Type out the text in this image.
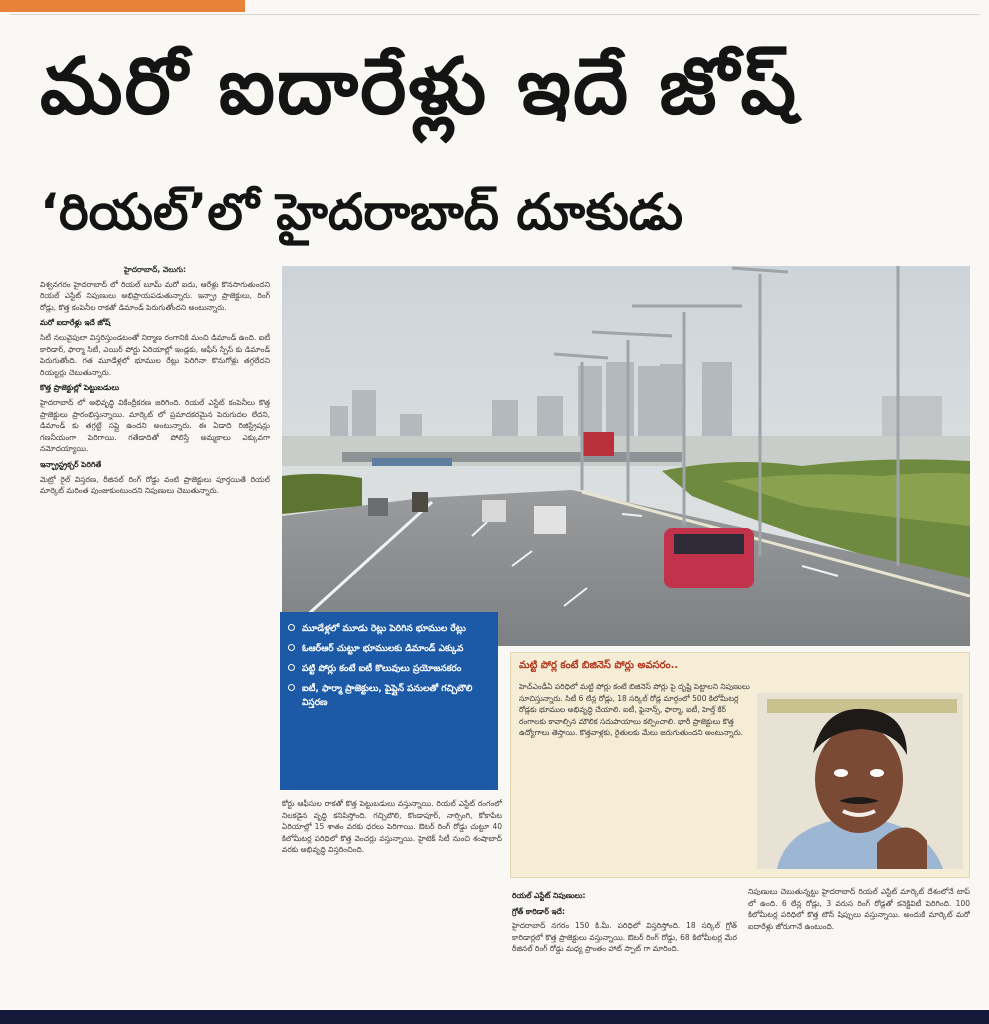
మరో ఐదారేళ్లు ఇదే జోష్
‘రియల్’లో హైదరాబాద్ దూకుడు

హైదరాబాద్, వెలుగు:

విశ్వనగరం హైదరాబాద్ లో రియల్ బూమ్ మరో ఐదు, ఆరేళ్లు కొనసాగుతుందని రియల్ ఎస్టేట్ నిపుణులు అభిప్రాయపడుతున్నారు. ఇన్ఫ్రా ప్రాజెక్టులు, రింగ్ రోడ్లు, కొత్త కంపెనీల రాకతో డిమాండ్ పెరుగుతోందని అంటున్నారు.

మరో ఐదారేళ్లు ఇదే జోష్

సిటీ నలువైపులా విస్తరిస్తుండటంతో నిర్మాణ రంగానికి మంచి డిమాండ్ ఉంది. ఐటీ కారిడార్, ఫార్మా సిటీ, ఎయిర్ పోర్టు ఏరియాల్లో ఇండ్లకు, ఆఫీస్ స్పేస్ కు డిమాండ్ పెరుగుతోంది. గత మూడేళ్లలో భూముల రేట్లు పెరిగినా కొనుగోళ్లు తగ్గలేదని రియల్టర్లు చెబుతున్నారు.

కొత్త ప్రాజెక్టుల్లో పెట్టుబడులు

హైదరాబాద్ లో అభివృద్ధి వికేంద్రీకరణ జరిగింది. రియల్ ఎస్టేట్ కంపెనీలు కొత్త ప్రాజెక్టులు ప్రారంభిస్తున్నాయి. మార్కెట్ లో ప్రమాదకరమైన పెరుగుదల లేదని, డిమాండ్ కు తగ్గట్టే సప్లై ఉందని అంటున్నారు. ఈ ఏడాది రిజిస్ట్రేషన్లు గణనీయంగా పెరిగాయి. గతేడాదితో పోలిస్తే అమ్మకాలు ఎక్కువగా నమోదయ్యాయి.

ఇన్ఫ్రాస్ట్రక్చర్ పెరిగితే

మెట్రో రైల్ విస్తరణ, రీజినల్ రింగ్ రోడ్డు వంటి ప్రాజెక్టులు పూర్తయితే రియల్ మార్కెట్ మరింత పుంజుకుంటుందని నిపుణులు చెబుతున్నారు.

మూడేళ్లలో మూడు రెట్లు పెరిగిన భూముల రేట్లు
ఓఆర్ఆర్ చుట్టూ భూములకు డిమాండ్ ఎక్కువ
పట్టి పోర్లు కంటే ఐటీ కొలువులు ప్రయోజనకరం
ఐటీ, ఫార్మా ప్రాజెక్టులు, పైప్లైన్ పనులతో గచ్చిబౌలి విస్తరణ

కోర్టు ఆఫీసుల రాకతో కొత్త పెట్టుబడులు వస్తున్నాయి. రియల్ ఎస్టేట్ రంగంలో నిలకడైన వృద్ధి కనిపిస్తోంది. గచ్చిబౌలి, కొండాపూర్, నార్సింగి, కోకాపేట ఏరియాల్లో 15 శాతం వరకు ధరలు పెరిగాయి. ఔటర్ రింగ్ రోడ్డు చుట్టూ 40 కిలోమీటర్ల పరిధిలో కొత్త వెంచర్లు వస్తున్నాయి. హైటెక్ సిటీ నుంచి శంషాబాద్ వరకు అభివృద్ధి విస్తరించింది.

మట్టి పోర్ల కంటే బిజినెస్ పోర్లు అవసరం..

హెచ్ఎండీఏ పరిధిలో మట్టి పోర్లు కంటే బిజినెస్ పోర్లు పై దృష్టి పెట్టాలని నిపుణులు సూచిస్తున్నారు. సిటీ 6 లేన్ల రోడ్లు, 18 సర్కిల్ రోడ్ల మార్గంలో 500 కిలోమీటర్ల రోడ్లకు భూముల అభివృద్ధి చేయాలి. ఐటీ, ఫైనాన్స్, ఫార్మా, ఐటీ, హెల్త్ కేర్ రంగాలకు కావాల్సిన మౌలిక సదుపాయాలు కల్పించాలి. భారీ ప్రాజెక్టులు కొత్త ఉద్యోగాలు తెస్తాయి. కొత్తవాళ్లకు, రైతులకు మేలు జరుగుతుందని అంటున్నారు.

రియల్ ఎస్టేట్ నిపుణులు:

గ్రోత్ కారిడార్ ఇదే:

హైదరాబాద్ నగరం 150 కి.మీ. పరిధిలో విస్తరిస్తోంది. 18 సర్కిల్ గ్రోత్ కారిడార్లలో కొత్త ప్రాజెక్టులు వస్తున్నాయి. ఔటర్ రింగ్ రోడ్డు, 68 కిలోమీటర్ల మేర రీజినల్ రింగ్ రోడ్డు మధ్య ప్రాంతం హాట్ స్పాట్ గా మారింది.

నిపుణులు చెబుతున్నట్టు హైదరాబాద్ రియల్ ఎస్టేట్ మార్కెట్ దేశంలోనే టాప్ లో ఉంది. 6 లేన్ల రోడ్లు, 3 వరుస రింగ్ రోడ్లతో కనెక్టివిటీ పెరిగింది. 100 కిలోమీటర్ల పరిధిలో కొత్త టౌన్ షిప్పులు వస్తున్నాయి. అందుకే మార్కెట్ మరో ఐదారేళ్లు జోరుగానే ఉంటుంది.
